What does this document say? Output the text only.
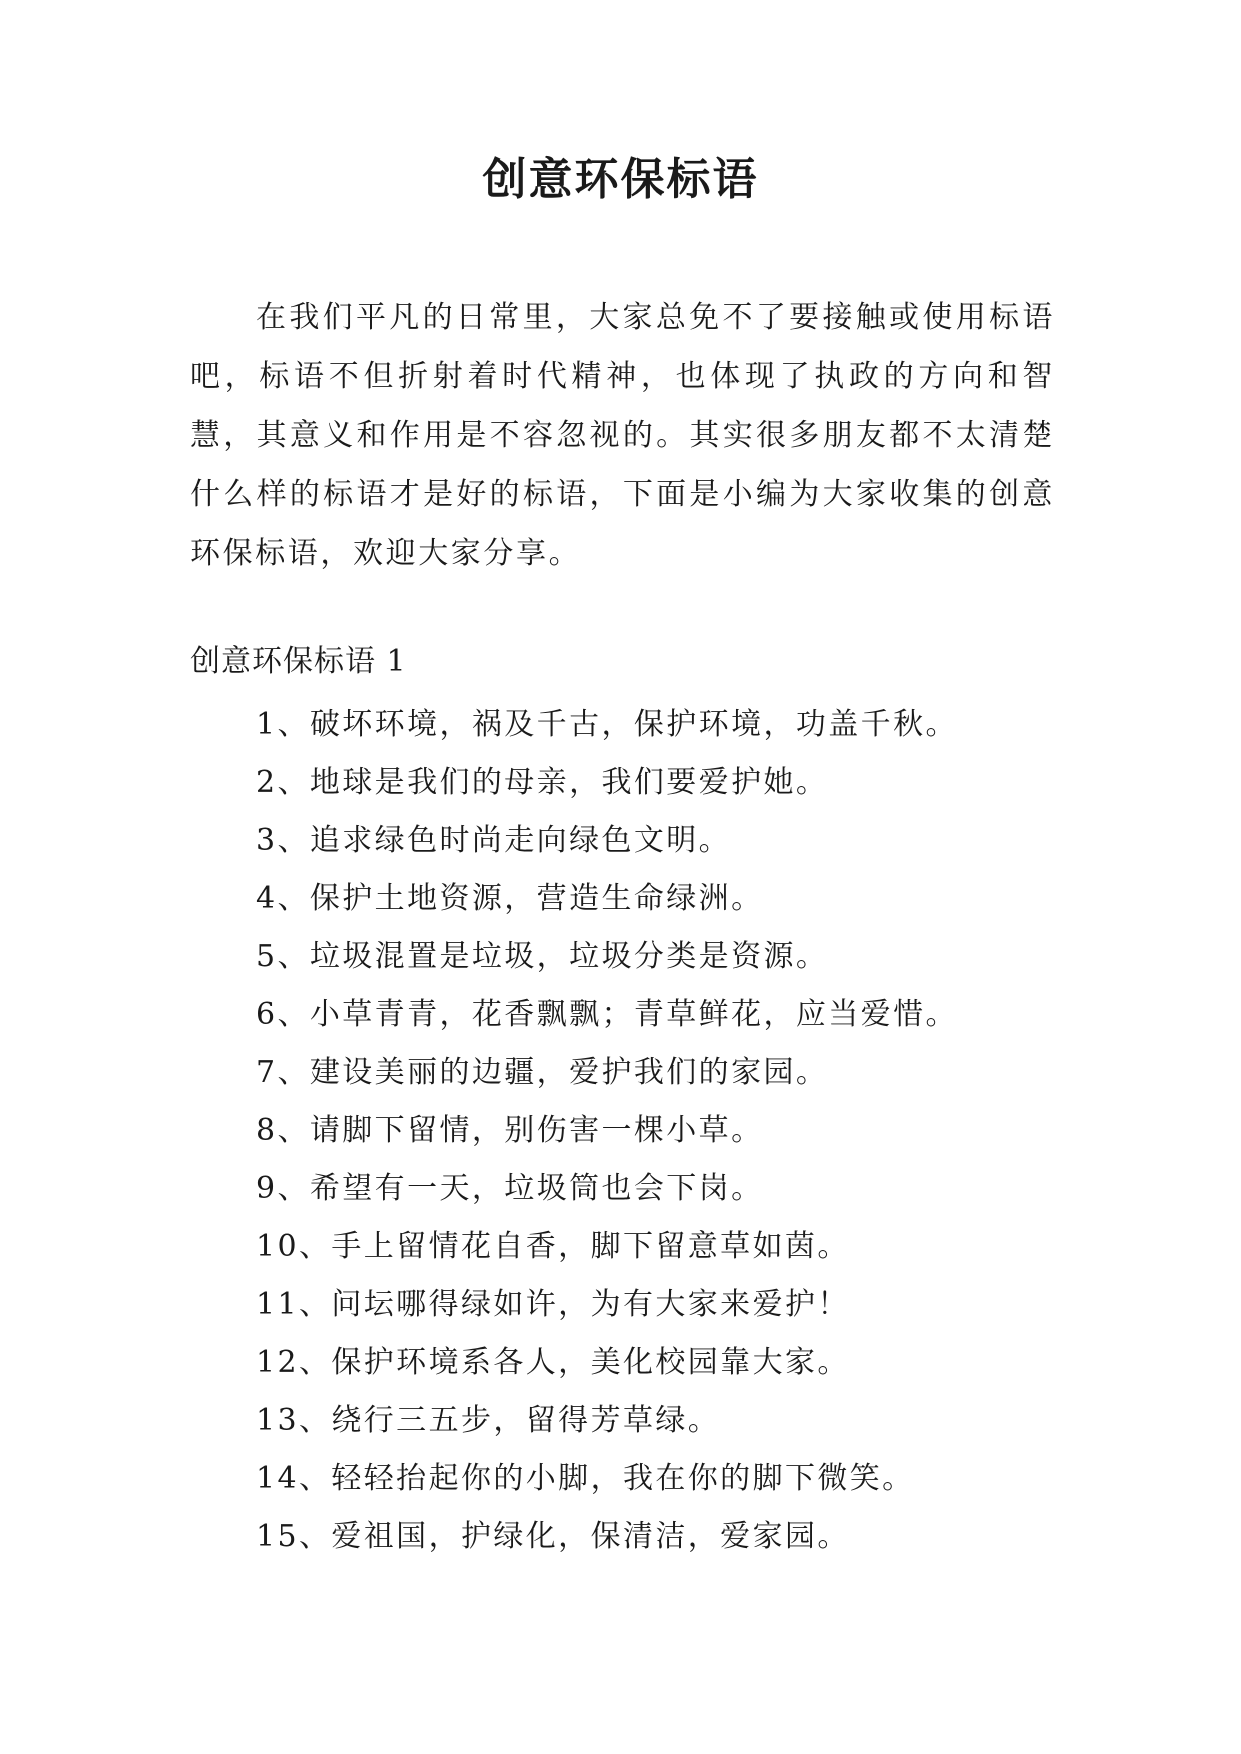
创意环保标语

在我们平凡的日常里，大家总免不了要接触或使用标语吧，标语不但折射着时代精神，也体现了执政的方向和智慧，其意义和作用是不容忽视的。其实很多朋友都不太清楚什么样的标语才是好的标语，下面是小编为大家收集的创意环保标语，欢迎大家分享。

创意环保标语 1
1、破坏环境，祸及千古，保护环境，功盖千秋。
2、地球是我们的母亲，我们要爱护她。
3、追求绿色时尚走向绿色文明。
4、保护土地资源，营造生命绿洲。
5、垃圾混置是垃圾，垃圾分类是资源。
6、小草青青，花香飘飘；青草鲜花，应当爱惜。
7、建设美丽的边疆，爱护我们的家园。
8、请脚下留情，别伤害一棵小草。
9、希望有一天，垃圾筒也会下岗。
10、手上留情花自香，脚下留意草如茵。
11、问坛哪得绿如许，为有大家来爱护！
12、保护环境系各人，美化校园靠大家。
13、绕行三五步，留得芳草绿。
14、轻轻抬起你的小脚，我在你的脚下微笑。
15、爱祖国，护绿化，保清洁，爱家园。
